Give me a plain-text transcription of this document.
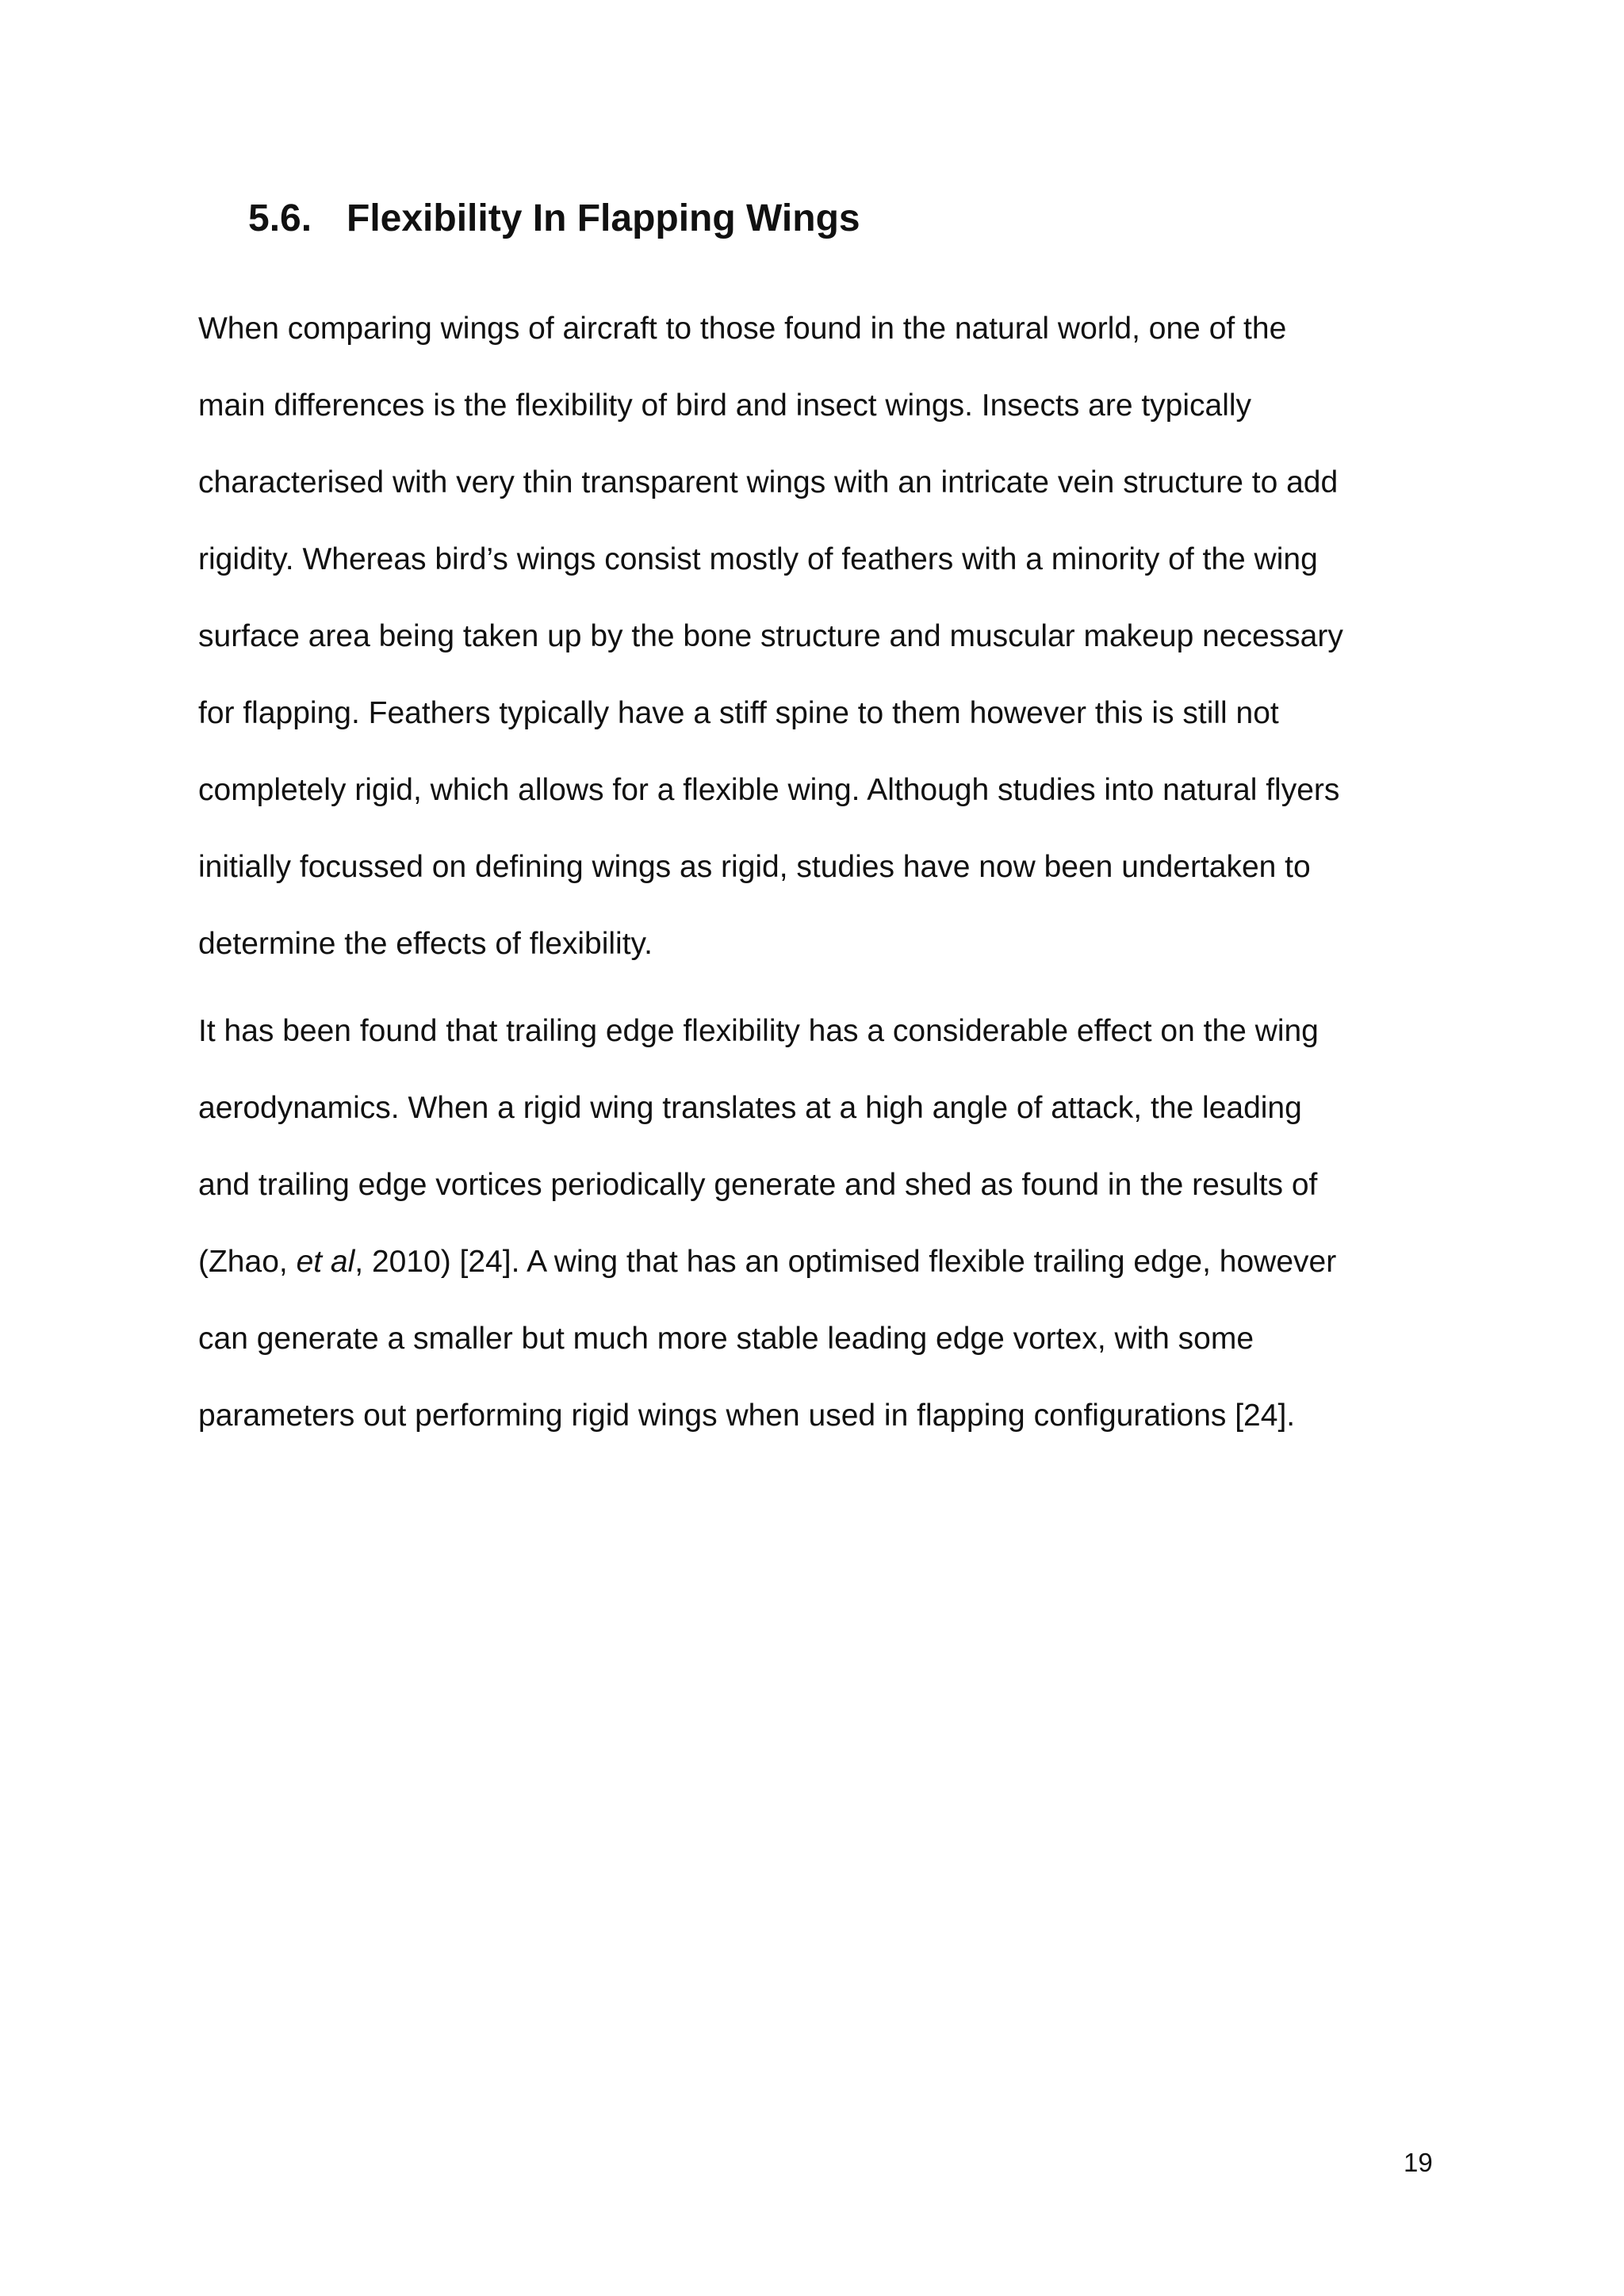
5.6. Flexibility In Flapping Wings
When comparing wings of aircraft to those found in the natural world, one of the
main differences is the flexibility of bird and insect wings. Insects are typically
characterised with very thin transparent wings with an intricate vein structure to add
rigidity. Whereas bird’s wings consist mostly of feathers with a minority of the wing
surface area being taken up by the bone structure and muscular makeup necessary
for flapping. Feathers typically have a stiff spine to them however this is still not
completely rigid, which allows for a flexible wing. Although studies into natural flyers
initially focussed on defining wings as rigid, studies have now been undertaken to
determine the effects of flexibility.
It has been found that trailing edge flexibility has a considerable effect on the wing
aerodynamics. When a rigid wing translates at a high angle of attack, the leading
and trailing edge vortices periodically generate and shed as found in the results of
(Zhao, et al, 2010) [24]. A wing that has an optimised flexible trailing edge, however
can generate a smaller but much more stable leading edge vortex, with some
parameters out performing rigid wings when used in flapping configurations [24].
19
